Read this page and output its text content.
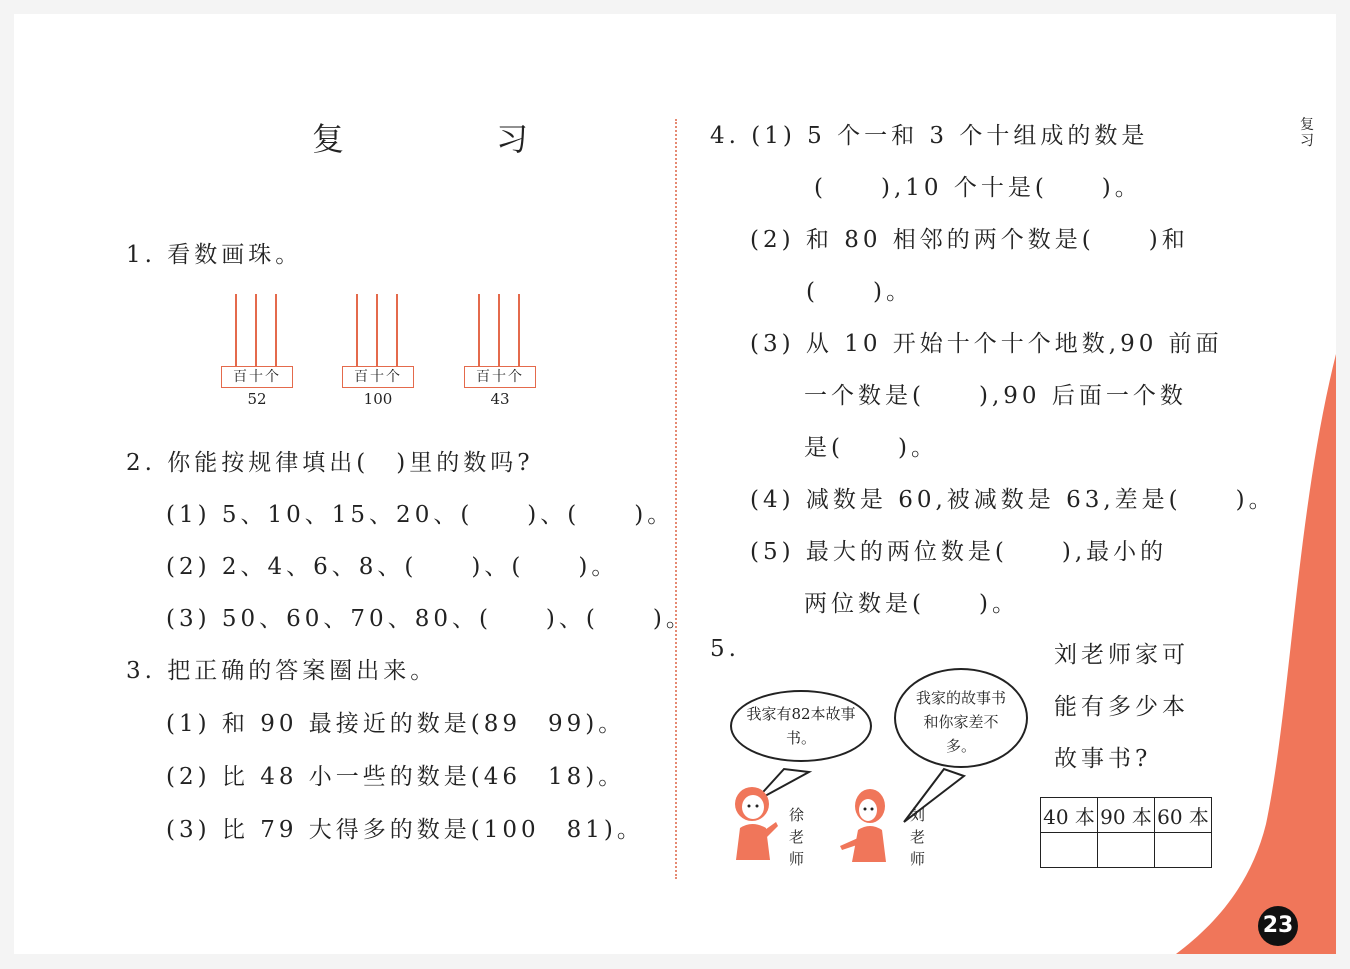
复　习
1. 看数画珠。
百十个
52
百十个
100
百十个
43
2. 你能按规律填出(　)里的数吗?
(1) 5、10、15、20、(　　)、(　　)。
(2) 2、4、6、8、(　　)、(　　)。
(3) 50、60、70、80、(　　)、(　　)。
3. 把正确的答案圈出来。
(1) 和 90 最接近的数是(89　99)。
(2) 比 48 小一些的数是(46　18)。
(3) 比 79 大得多的数是(100　81)。
4. (1) 5 个一和 3 个十组成的数是
(　　),10 个十是(　　)。
(2) 和 80 相邻的两个数是(　　)和
(　　)。
(3) 从 10 开始十个十个地数,90 前面
一个数是(　　),90 后面一个数
是(　　)。
(4) 减数是 60,被减数是 63,差是(　　)。
(5) 最大的两位数是(　　),最小的
两位数是(　　)。
5.	刘老师家可
能有多少本
故事书?
我家有82本故事书。
我家的故事书和你家差不多。
徐老师
刘老师
40 本	90 本	60 本

复习
23
